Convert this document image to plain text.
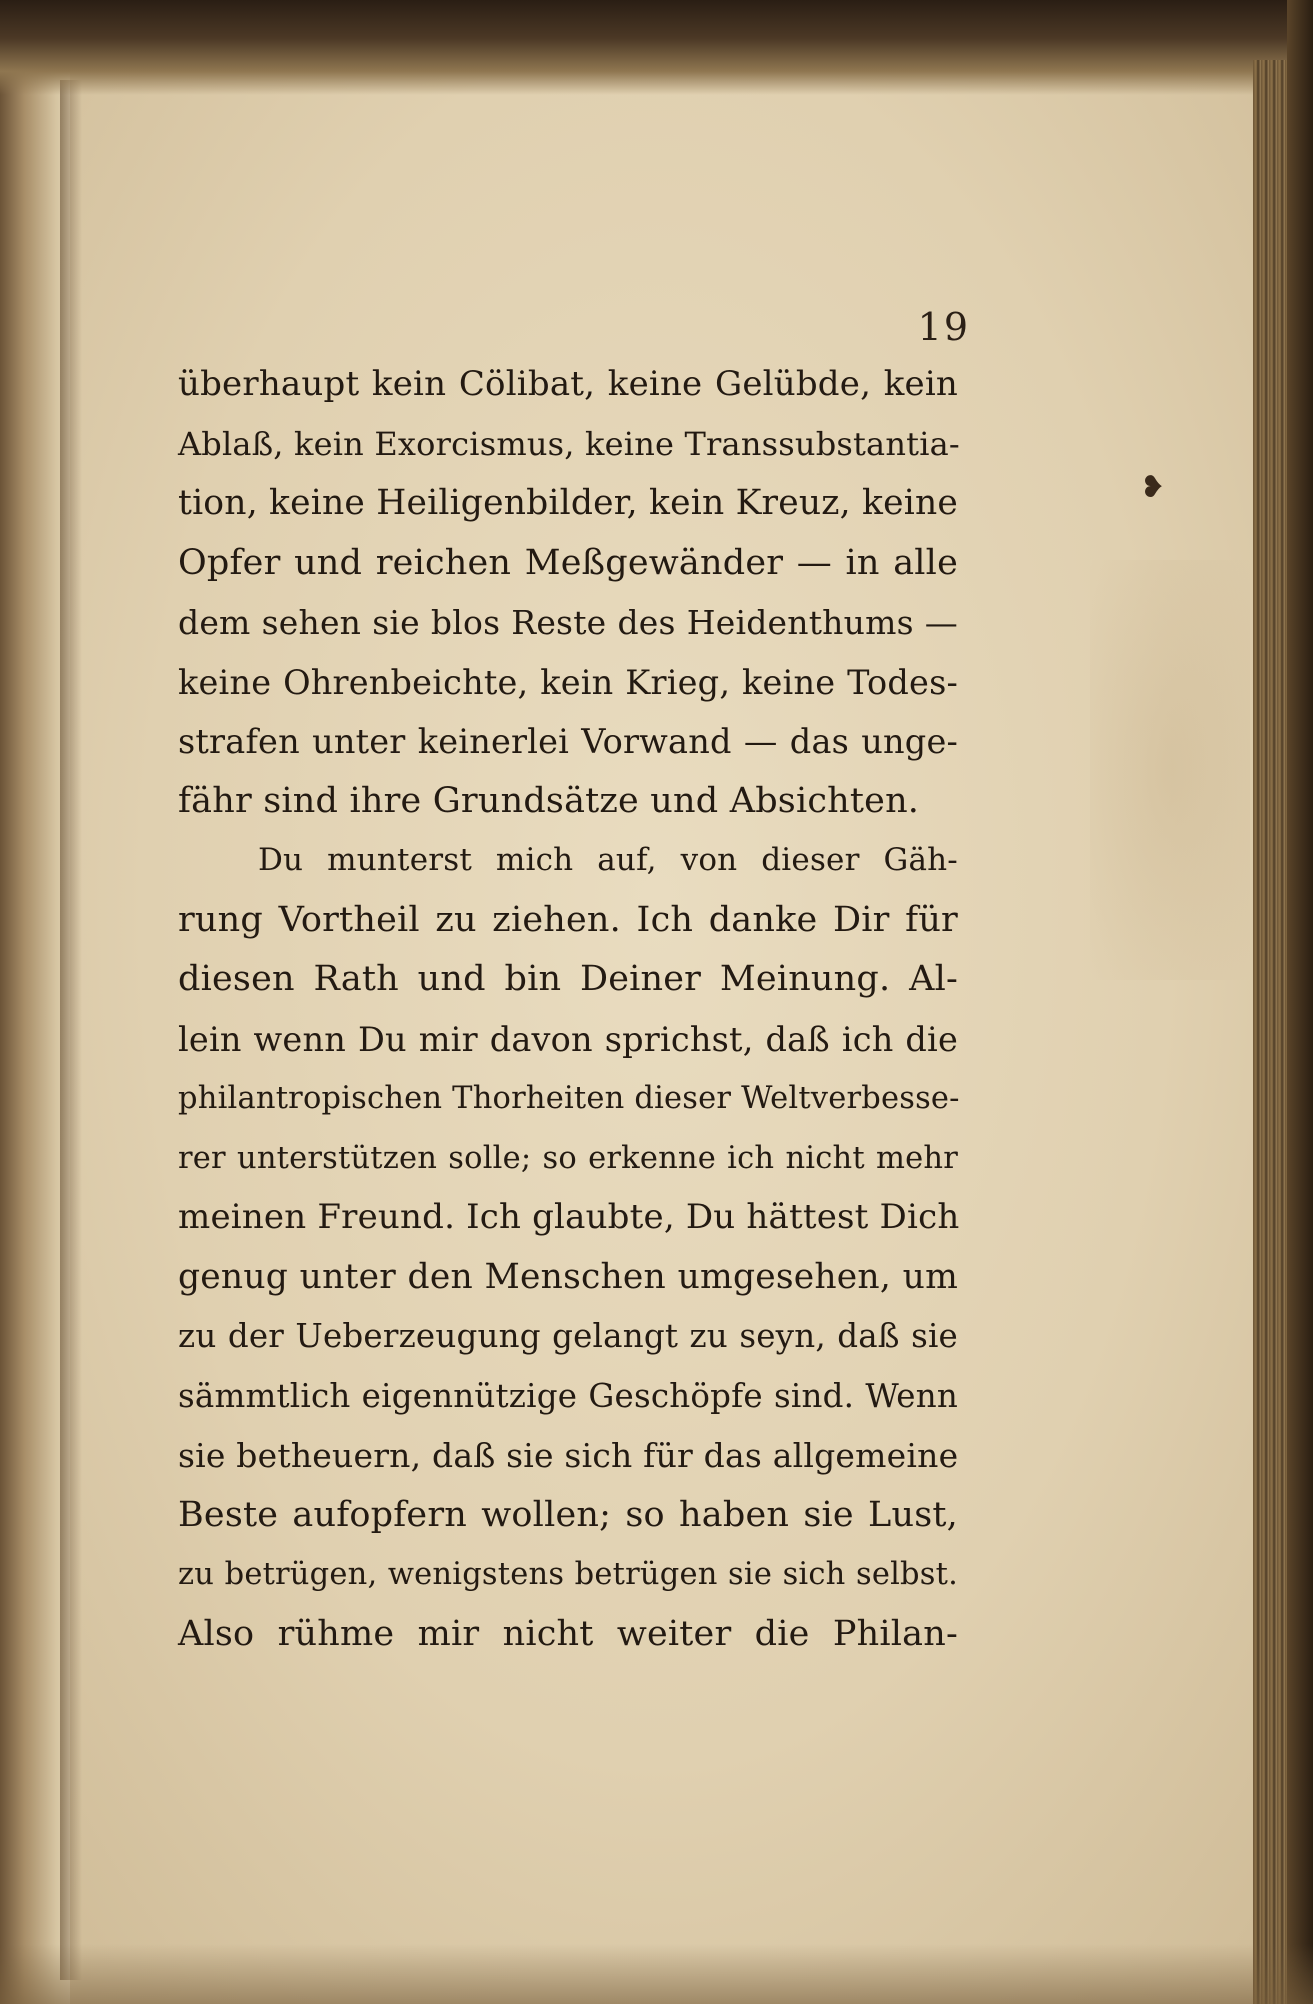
❥
19
überhaupt kein Cölibat, keine Gelübde, kein
Ablaß, kein Exorcismus, keine Transsubstantia-
tion, keine Heiligenbilder, kein Kreuz, keine
Opfer und reichen Meßgewänder — in alle
dem sehen sie blos Reste des Heidenthums —
keine Ohrenbeichte, kein Krieg, keine Todes-
strafen unter keinerlei Vorwand — das unge-
fähr sind ihre Grundsätze und Absichten.
Du munterst mich auf, von dieser Gäh-
rung Vortheil zu ziehen. Ich danke Dir für
diesen Rath und bin Deiner Meinung. Al-
lein wenn Du mir davon sprichst, daß ich die
philantropischen Thorheiten dieser Weltverbesse-
rer unterstützen solle; so erkenne ich nicht mehr
meinen Freund. Ich glaubte, Du hättest Dich
genug unter den Menschen umgesehen, um
zu der Ueberzeugung gelangt zu seyn, daß sie
sämmtlich eigennützige Geschöpfe sind. Wenn
sie betheuern, daß sie sich für das allgemeine
Beste aufopfern wollen; so haben sie Lust,
zu betrügen, wenigstens betrügen sie sich selbst.
Also rühme mir nicht weiter die Philan-
